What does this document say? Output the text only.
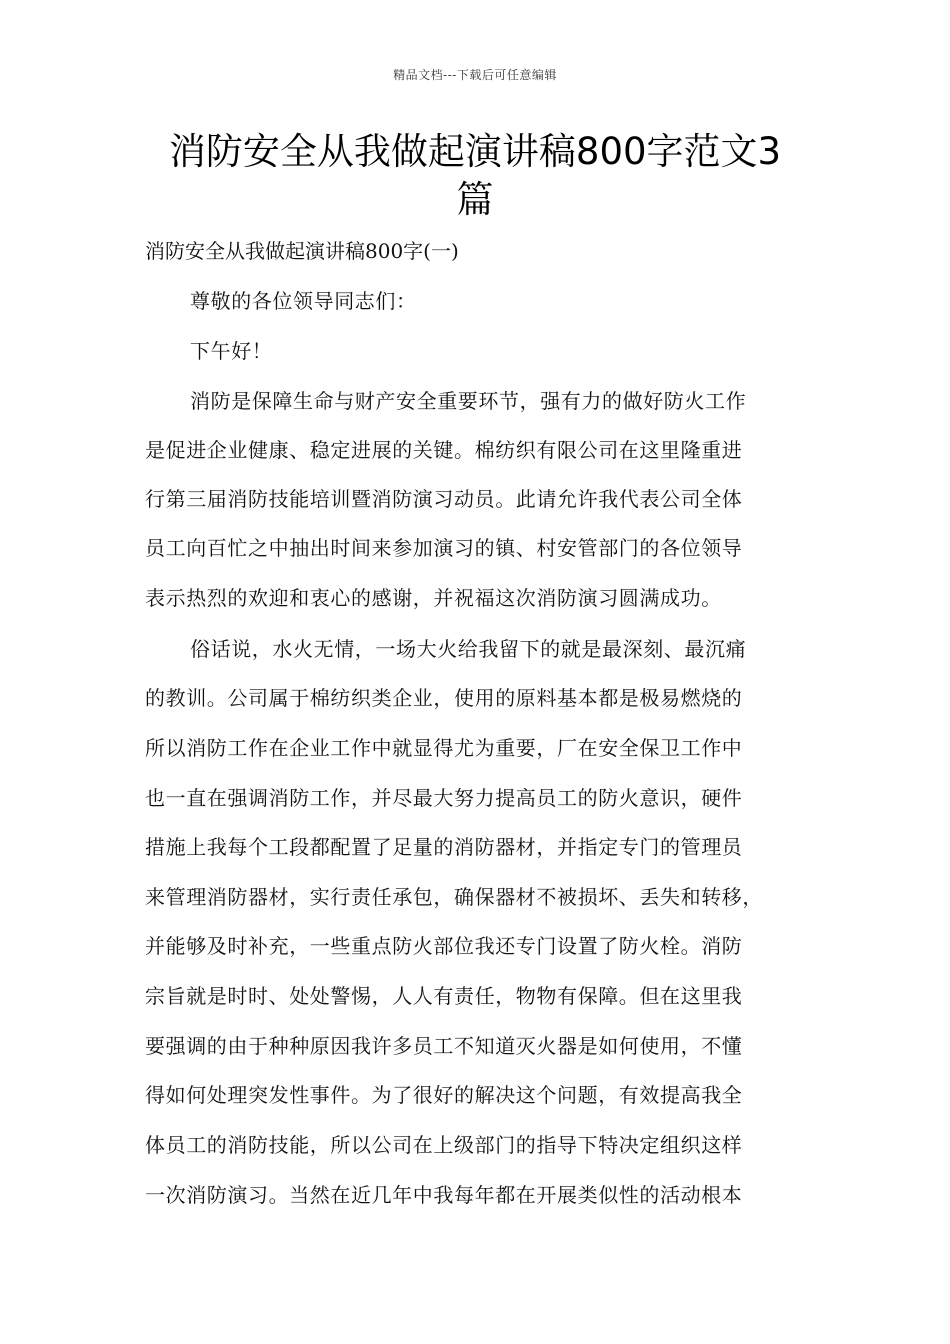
精品文档---下载后可任意编辑
消防安全从我做起演讲稿800字范文3
篇
消防安全从我做起演讲稿800字(一)
尊敬的各位领导同志们：
下午好！
消防是保障生命与财产安全重要环节，强有力的做好防火工作
是促进企业健康、稳定进展的关键。棉纺织有限公司在这里隆重进
行第三届消防技能培训暨消防演习动员。此请允许我代表公司全体
员工向百忙之中抽出时间来参加演习的镇、村安管部门的各位领导
表示热烈的欢迎和衷心的感谢，并祝福这次消防演习圆满成功。
俗话说，水火无情，一场大火给我留下的就是最深刻、最沉痛
的教训。公司属于棉纺织类企业，使用的原料基本都是极易燃烧的
所以消防工作在企业工作中就显得尤为重要，厂在安全保卫工作中
也一直在强调消防工作，并尽最大努力提高员工的防火意识，硬件
措施上我每个工段都配置了足量的消防器材，并指定专门的管理员
来管理消防器材，实行责任承包，确保器材不被损坏、丢失和转移，
并能够及时补充，一些重点防火部位我还专门设置了防火栓。消防
宗旨就是时时、处处警惕，人人有责任，物物有保障。但在这里我
要强调的由于种种原因我许多员工不知道灭火器是如何使用，不懂
得如何处理突发性事件。为了很好的解决这个问题，有效提高我全
体员工的消防技能，所以公司在上级部门的指导下特决定组织这样
一次消防演习。当然在近几年中我每年都在开展类似性的活动根本
